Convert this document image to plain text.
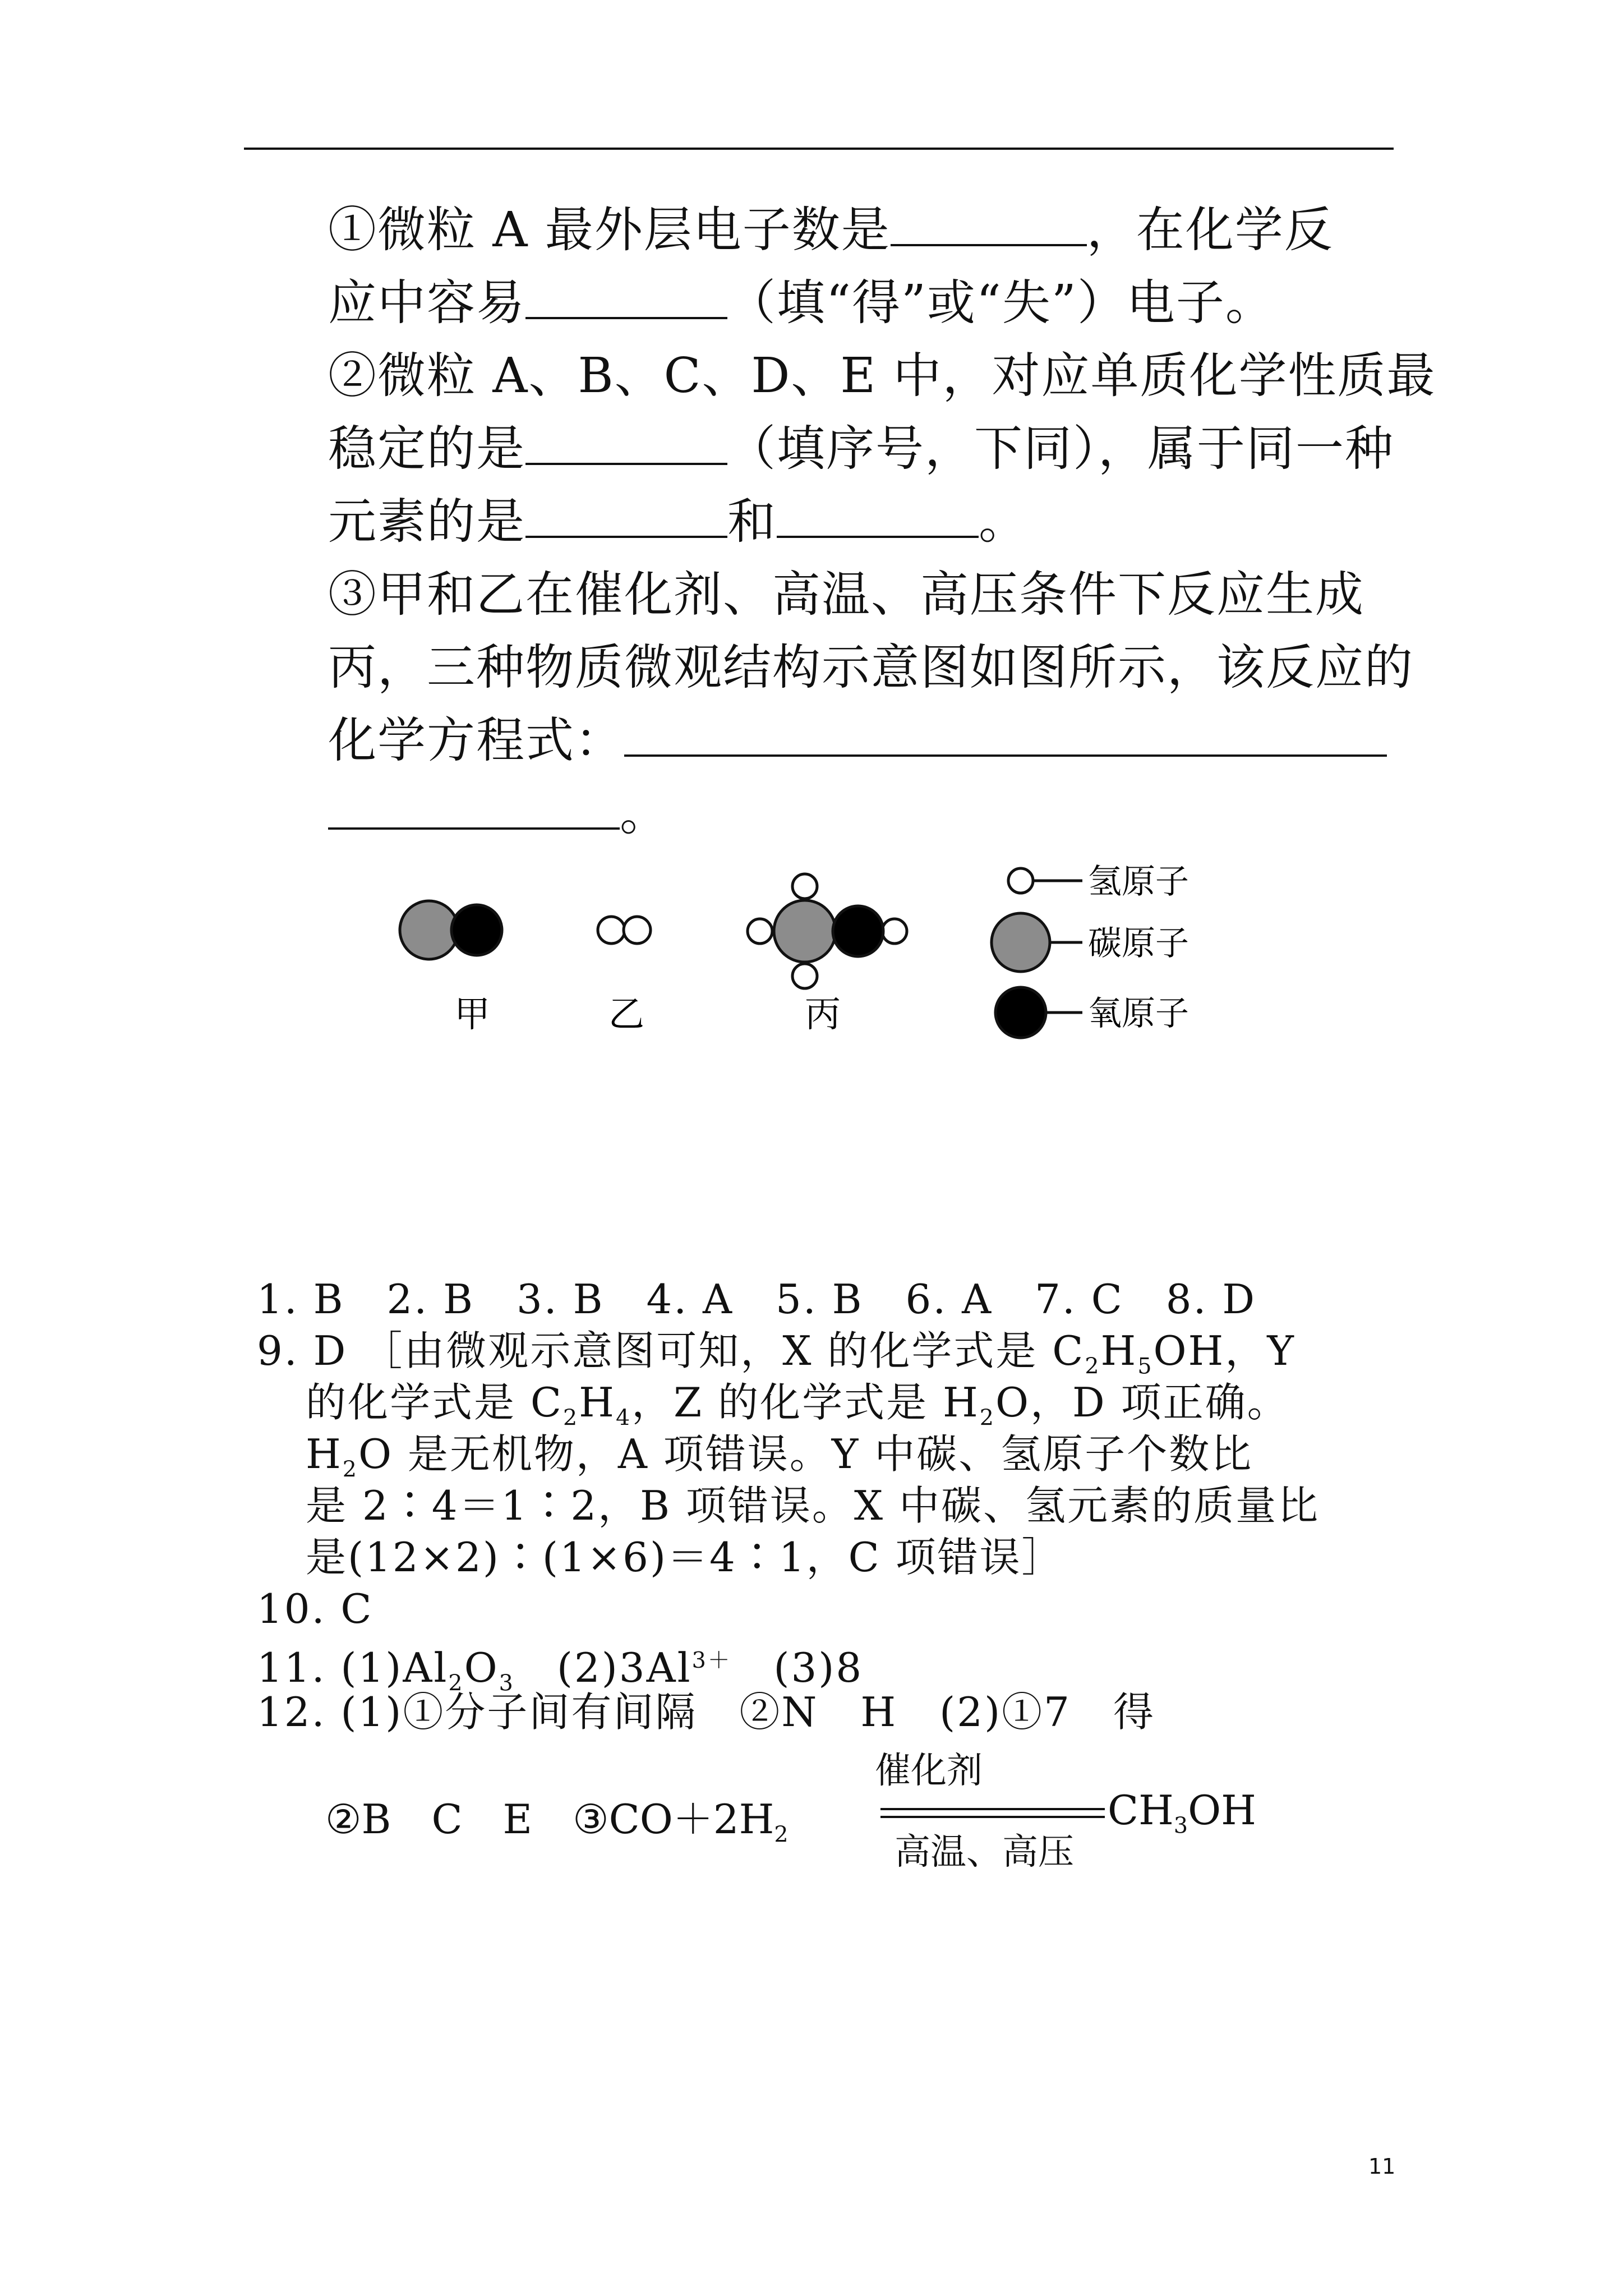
①微粒 A 最外层电子数是	，在化学反
应中容易	（填“得”或“失”）电子。
②微粒 A、B、C、D、E 中，对应单质化学性质最
稳定的是	（填序号，下同），属于同一种
元素的是	和	。
③甲和乙在催化剂、高温、高压条件下反应生成
丙，三种物质微观结构示意图如图所示，该反应的
化学方程式：
。
甲	乙	丙
氢原子
碳原子
氧原子
1. B　2. B　3. B　4. A　5. B　6. A　7. C　8. D
9. D ［由微观示意图可知，X 的化学式是 $C_2H_5OH$，Y
的化学式是 $C_2H_4$，Z 的化学式是 $H_2O$，D 项正确。
$H_2O$ 是无机物，A 项错误。Y 中碳、氢原子个数比
是 2∶4＝1∶2，B 项错误。X 中碳、氢元素的质量比
是(12×2)∶(1×6)＝4∶1，C 项错误］
10. C
11. $(1)Al_2O_3$　$(2)3Al^{3+}$　(3)8
12. (1)①分子间有间隔　②N　H　(2)①7　得
②B　C　E　$③CO+2H_2$
催化剂
高温、高压
$CH_3OH$
11
